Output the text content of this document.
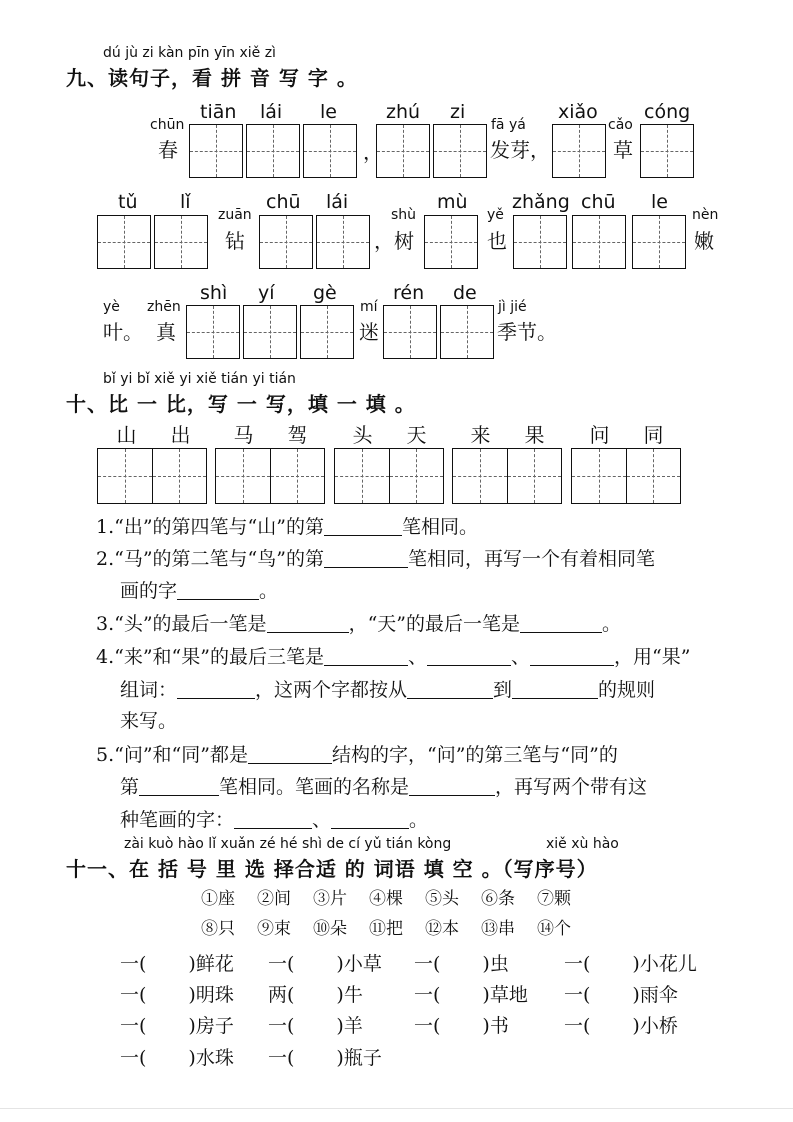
dú jù zi kàn pīn yīn xiě zì
九、读句子，看 拼 音 写 字 。
chūn
春
tiān lái le
，
zhú zi
fā yá
发芽，
xiǎo
cǎo
草
cóng
tǔ lǐ
zuān
钻
chū lái
shù
，树
mù
yě
也
zhǎng chū le
nèn
嫩
yè
叶。
zhēn
真
shì yí gè
mí
迷
rén de
jì jié
季节。
bǐ yi bǐ xiě yi xiě tián yi tián
十、比 一 比，写 一 写，填 一 填 。
山	出	马	驾	头	天	来	果	问	同
1.“出”的第四笔与“山”的第	笔相同。
2.“马”的第二笔与“鸟”的第	笔相同，再写一个有着相同笔
画的字	。
3.“头”的最后一笔是	，“天”的最后一笔是	。
4.“来”和“果”的最后三笔是	、	、	，用“果”
组词：	，这两个字都按从	到	的规则
来写。
5.“问”和“同”都是	结构的字，“问”的第三笔与“同”的
第	笔相同。笔画的名称是	，再写两个带有这
种笔画的字：	、	。
zài kuò hào lǐ xuǎn zé hé shì de cí yǔ tián kòng	xiě xù hào
十一、在 括 号 里 选 择合适 的 词语 填 空 。（写序号）
①座 ②间 ③片 ④棵 ⑤头 ⑥条 ⑦颗
⑧只 ⑨束 ⑩朵 ⑪把 ⑫本 ⑬串 ⑭个
一( )鲜花 一( )小草 一( )虫	一( )小花儿
一( )明珠 两( )牛	一( )草地 一( )雨伞
一( )房子 一( )羊	一( )书	一( )小桥
一( )水珠 一( )瓶子
